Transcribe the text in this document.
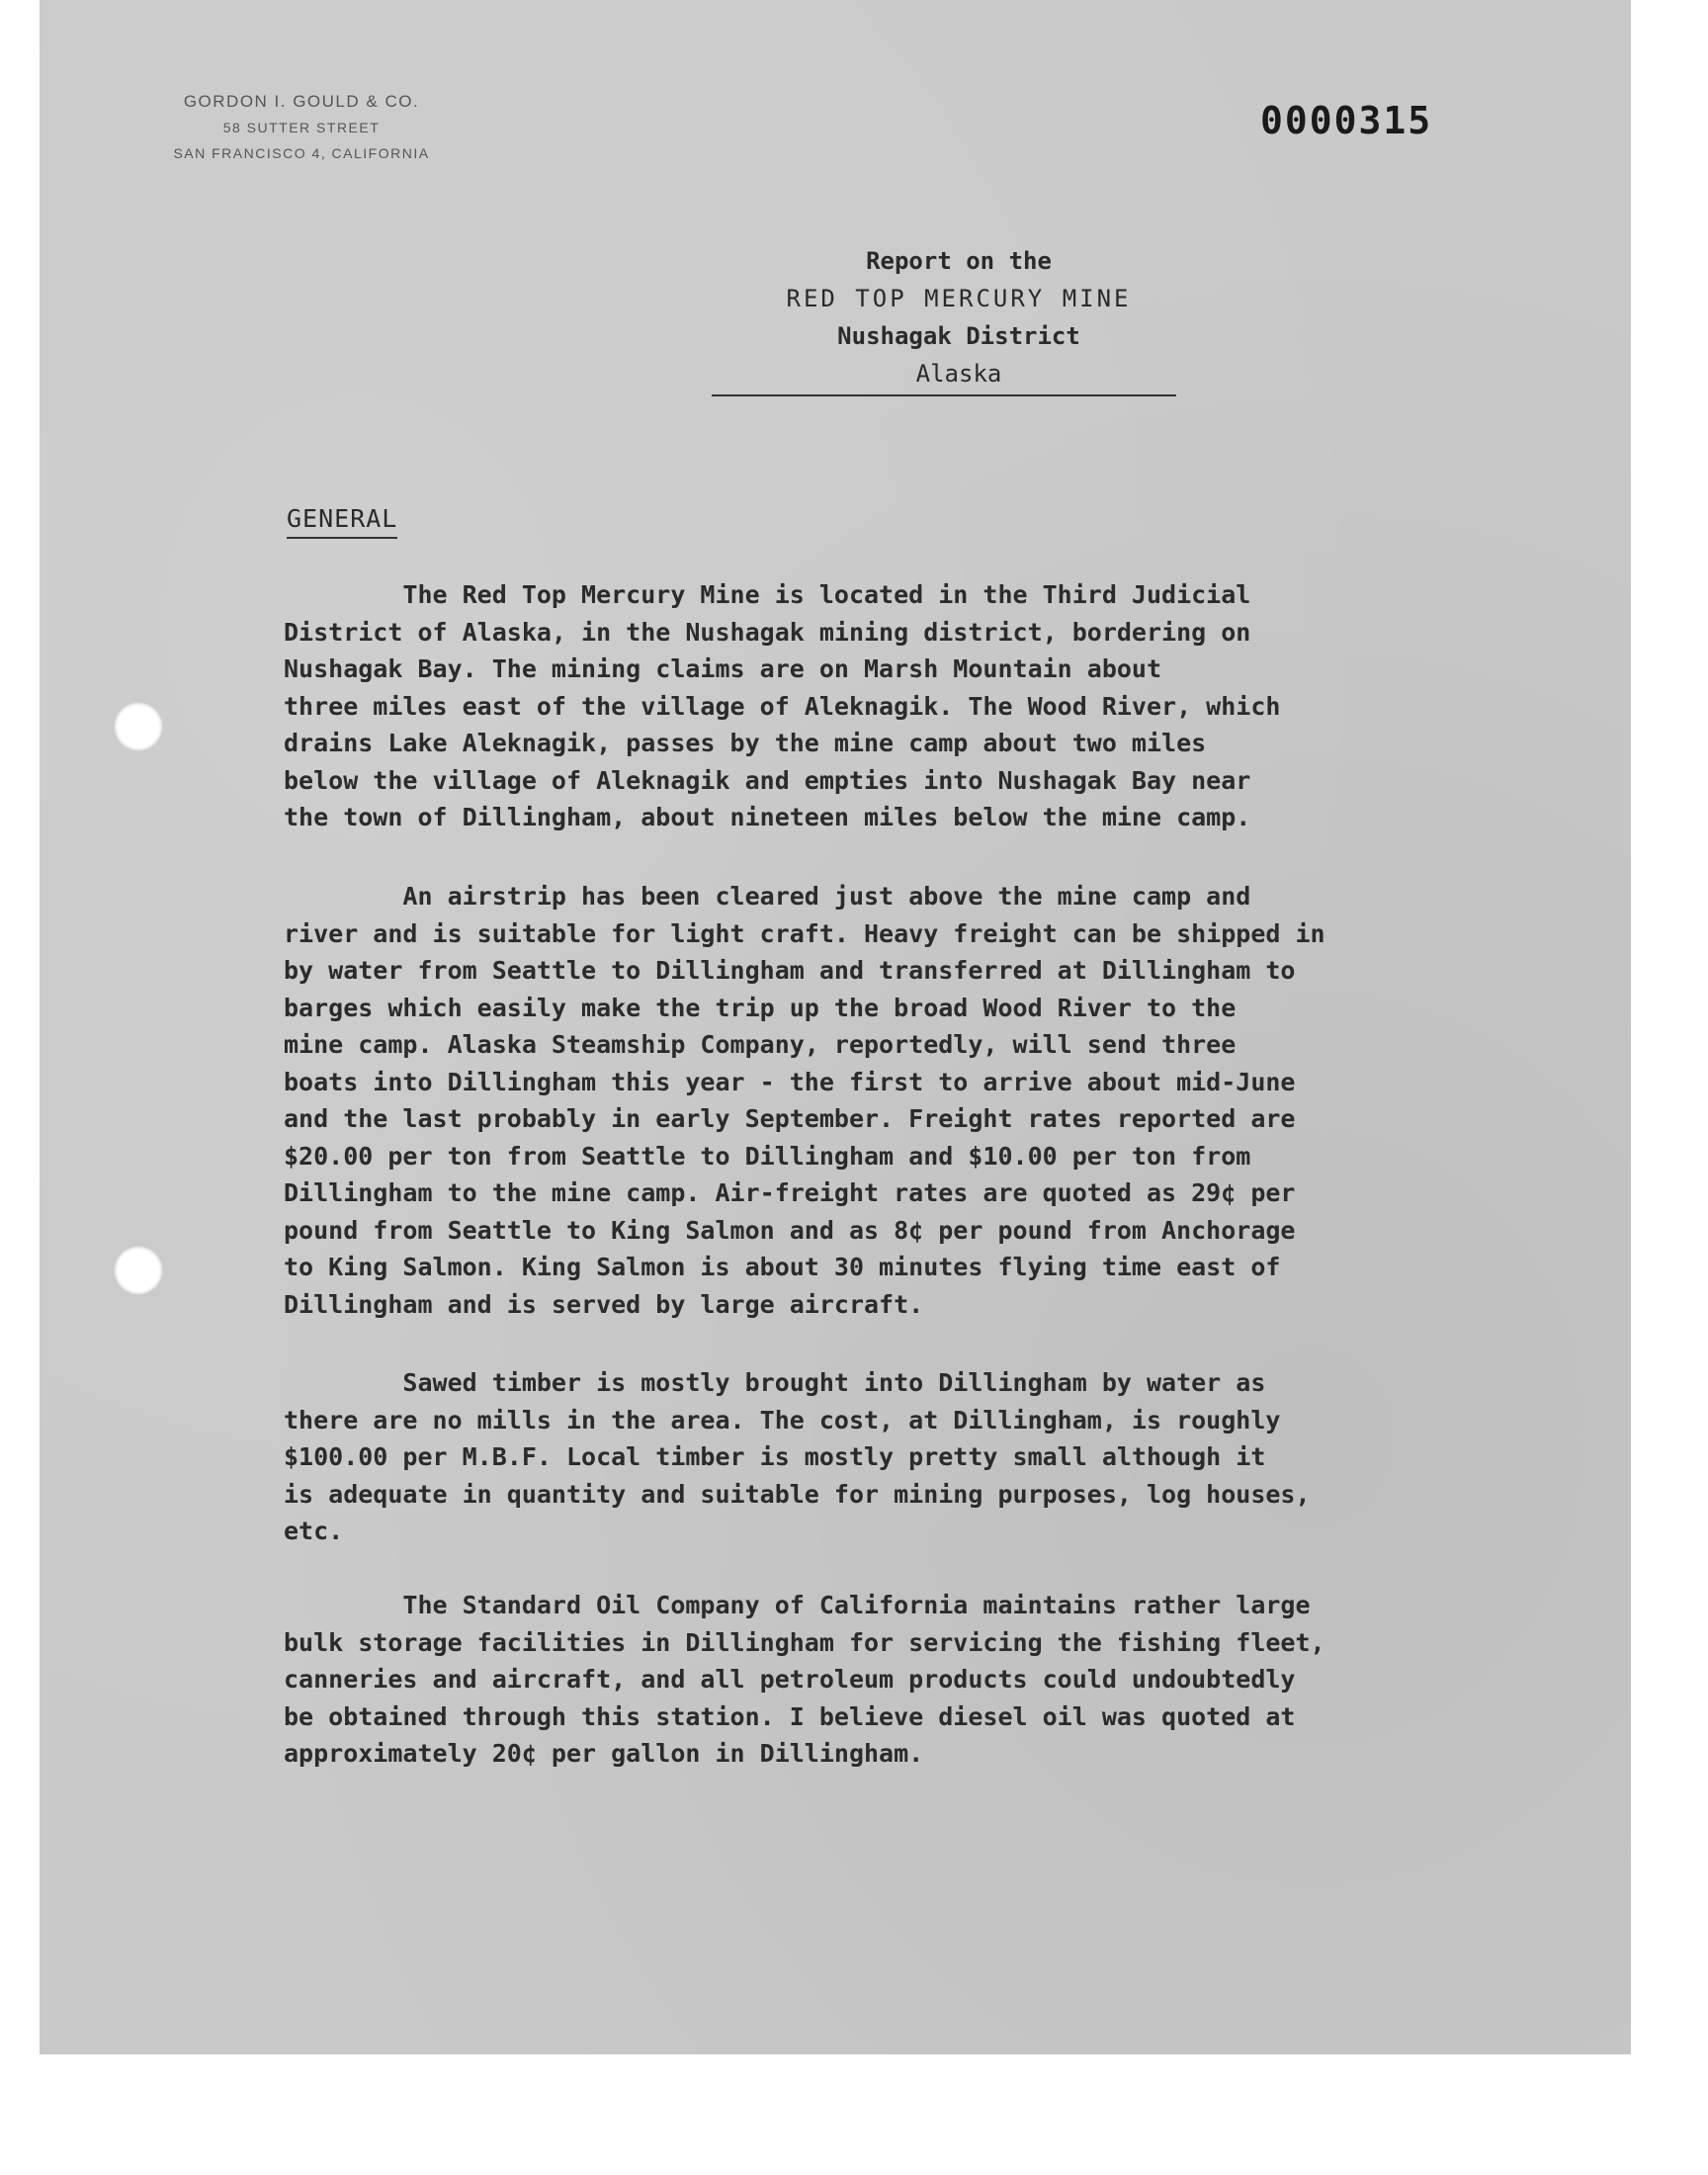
GORDON I. GOULD & CO.
58 SUTTER STREET
SAN FRANCISCO 4, CALIFORNIA
0000315
Report on the
RED TOP MERCURY MINE
Nushagak District
Alaska
GENERAL
The Red Top Mercury Mine is located in the Third Judicial
District of Alaska, in the Nushagak mining district, bordering on
Nushagak Bay. The mining claims are on Marsh Mountain about
three miles east of the village of Aleknagik. The Wood River, which
drains Lake Aleknagik, passes by the mine camp about two miles
below the village of Aleknagik and empties into Nushagak Bay near
the town of Dillingham, about nineteen miles below the mine camp.
An airstrip has been cleared just above the mine camp and
river and is suitable for light craft. Heavy freight can be shipped in
by water from Seattle to Dillingham and transferred at Dillingham to
barges which easily make the trip up the broad Wood River to the
mine camp. Alaska Steamship Company, reportedly, will send three
boats into Dillingham this year - the first to arrive about mid-June
and the last probably in early September. Freight rates reported are
$20.00 per ton from Seattle to Dillingham and $10.00 per ton from
Dillingham to the mine camp. Air-freight rates are quoted as 29¢ per
pound from Seattle to King Salmon and as 8¢ per pound from Anchorage
to King Salmon. King Salmon is about 30 minutes flying time east of
Dillingham and is served by large aircraft.
Sawed timber is mostly brought into Dillingham by water as
there are no mills in the area. The cost, at Dillingham, is roughly
$100.00 per M.B.F. Local timber is mostly pretty small although it
is adequate in quantity and suitable for mining purposes, log houses,
etc.
The Standard Oil Company of California maintains rather large
bulk storage facilities in Dillingham for servicing the fishing fleet,
canneries and aircraft, and all petroleum products could undoubtedly
be obtained through this station. I believe diesel oil was quoted at
approximately 20¢ per gallon in Dillingham.
